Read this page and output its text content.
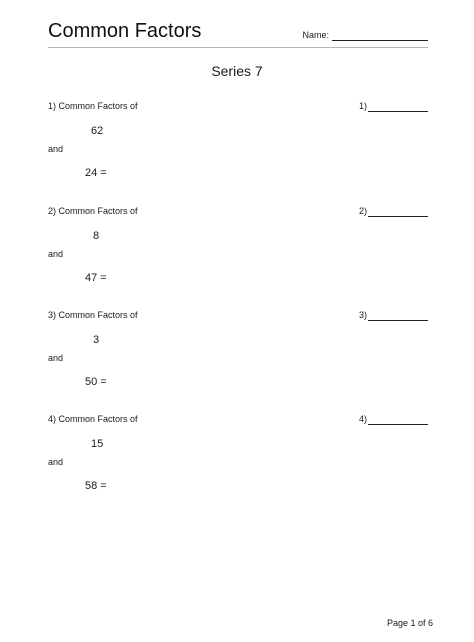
Common Factors	Name:
Series 7
1) Common Factors of	1)
62
and
24 =
2) Common Factors of	2)
8
and
47 =
3) Common Factors of	3)
3
and
50 =
4) Common Factors of	4)
15
and
58 =
Page 1 of 6
